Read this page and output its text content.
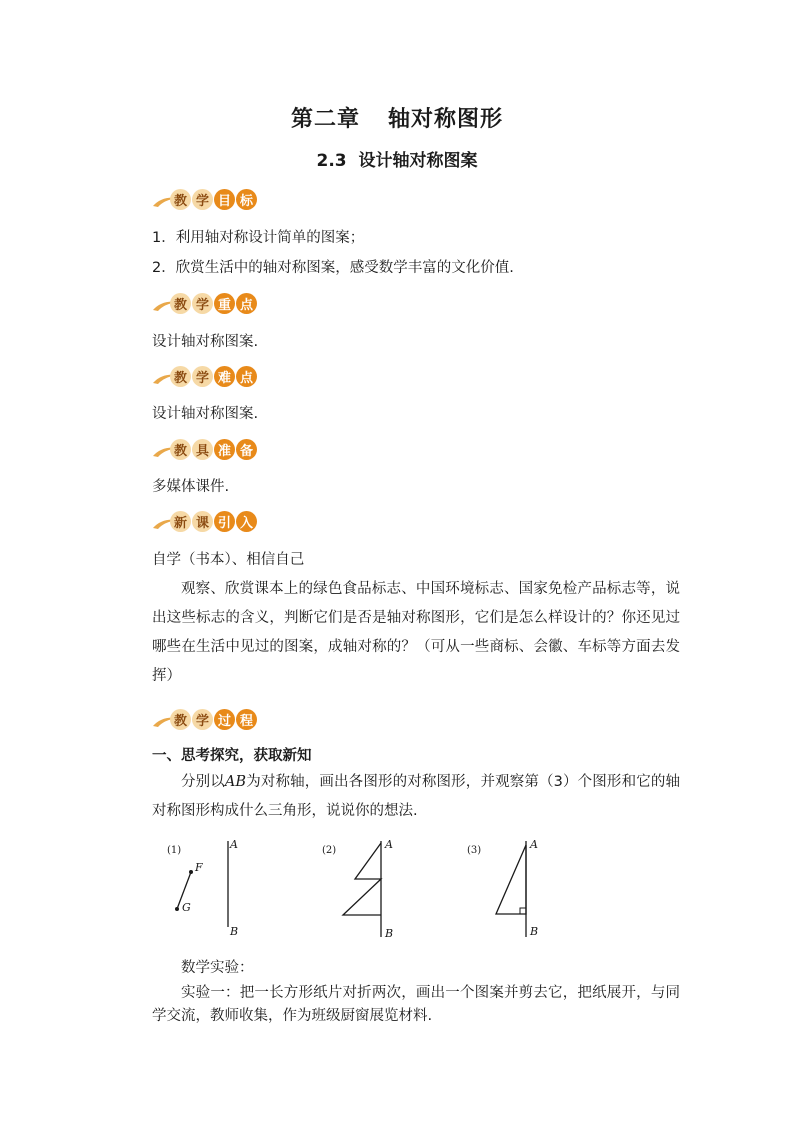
第二章 轴对称图形
2.3 设计轴对称图案
教 学 目 标
1．利用轴对称设计简单的图案；
2．欣赏生活中的轴对称图案，感受数学丰富的文化价值.
教 学 重 点
设计轴对称图案.
教 学 难 点
设计轴对称图案.
教 具 准 备
多媒体课件.
新 课 引 入
自学（书本）、相信自己
观察、欣赏课本上的绿色食品标志、中国环境标志、国家免检产品标志等，说出这些标志的含义，判断它们是否是轴对称图形，它们是怎么样设计的？你还见过哪些在生活中见过的图案，成轴对称的？（可从一些商标、会徽、车标等方面去发挥）
教 学 过 程
一、思考探究，获取新知
分别以AB为对称轴，画出各图形的对称图形，并观察第（3）个图形和它的轴对称图形构成什么三角形，说说你的想法.
(1)	A
B
F
G
(2)	A
B
(3)	A
B
数学实验：
实验一：把一长方形纸片对折两次，画出一个图案并剪去它，把纸展开，与同学交流，教师收集，作为班级厨窗展览材料.
